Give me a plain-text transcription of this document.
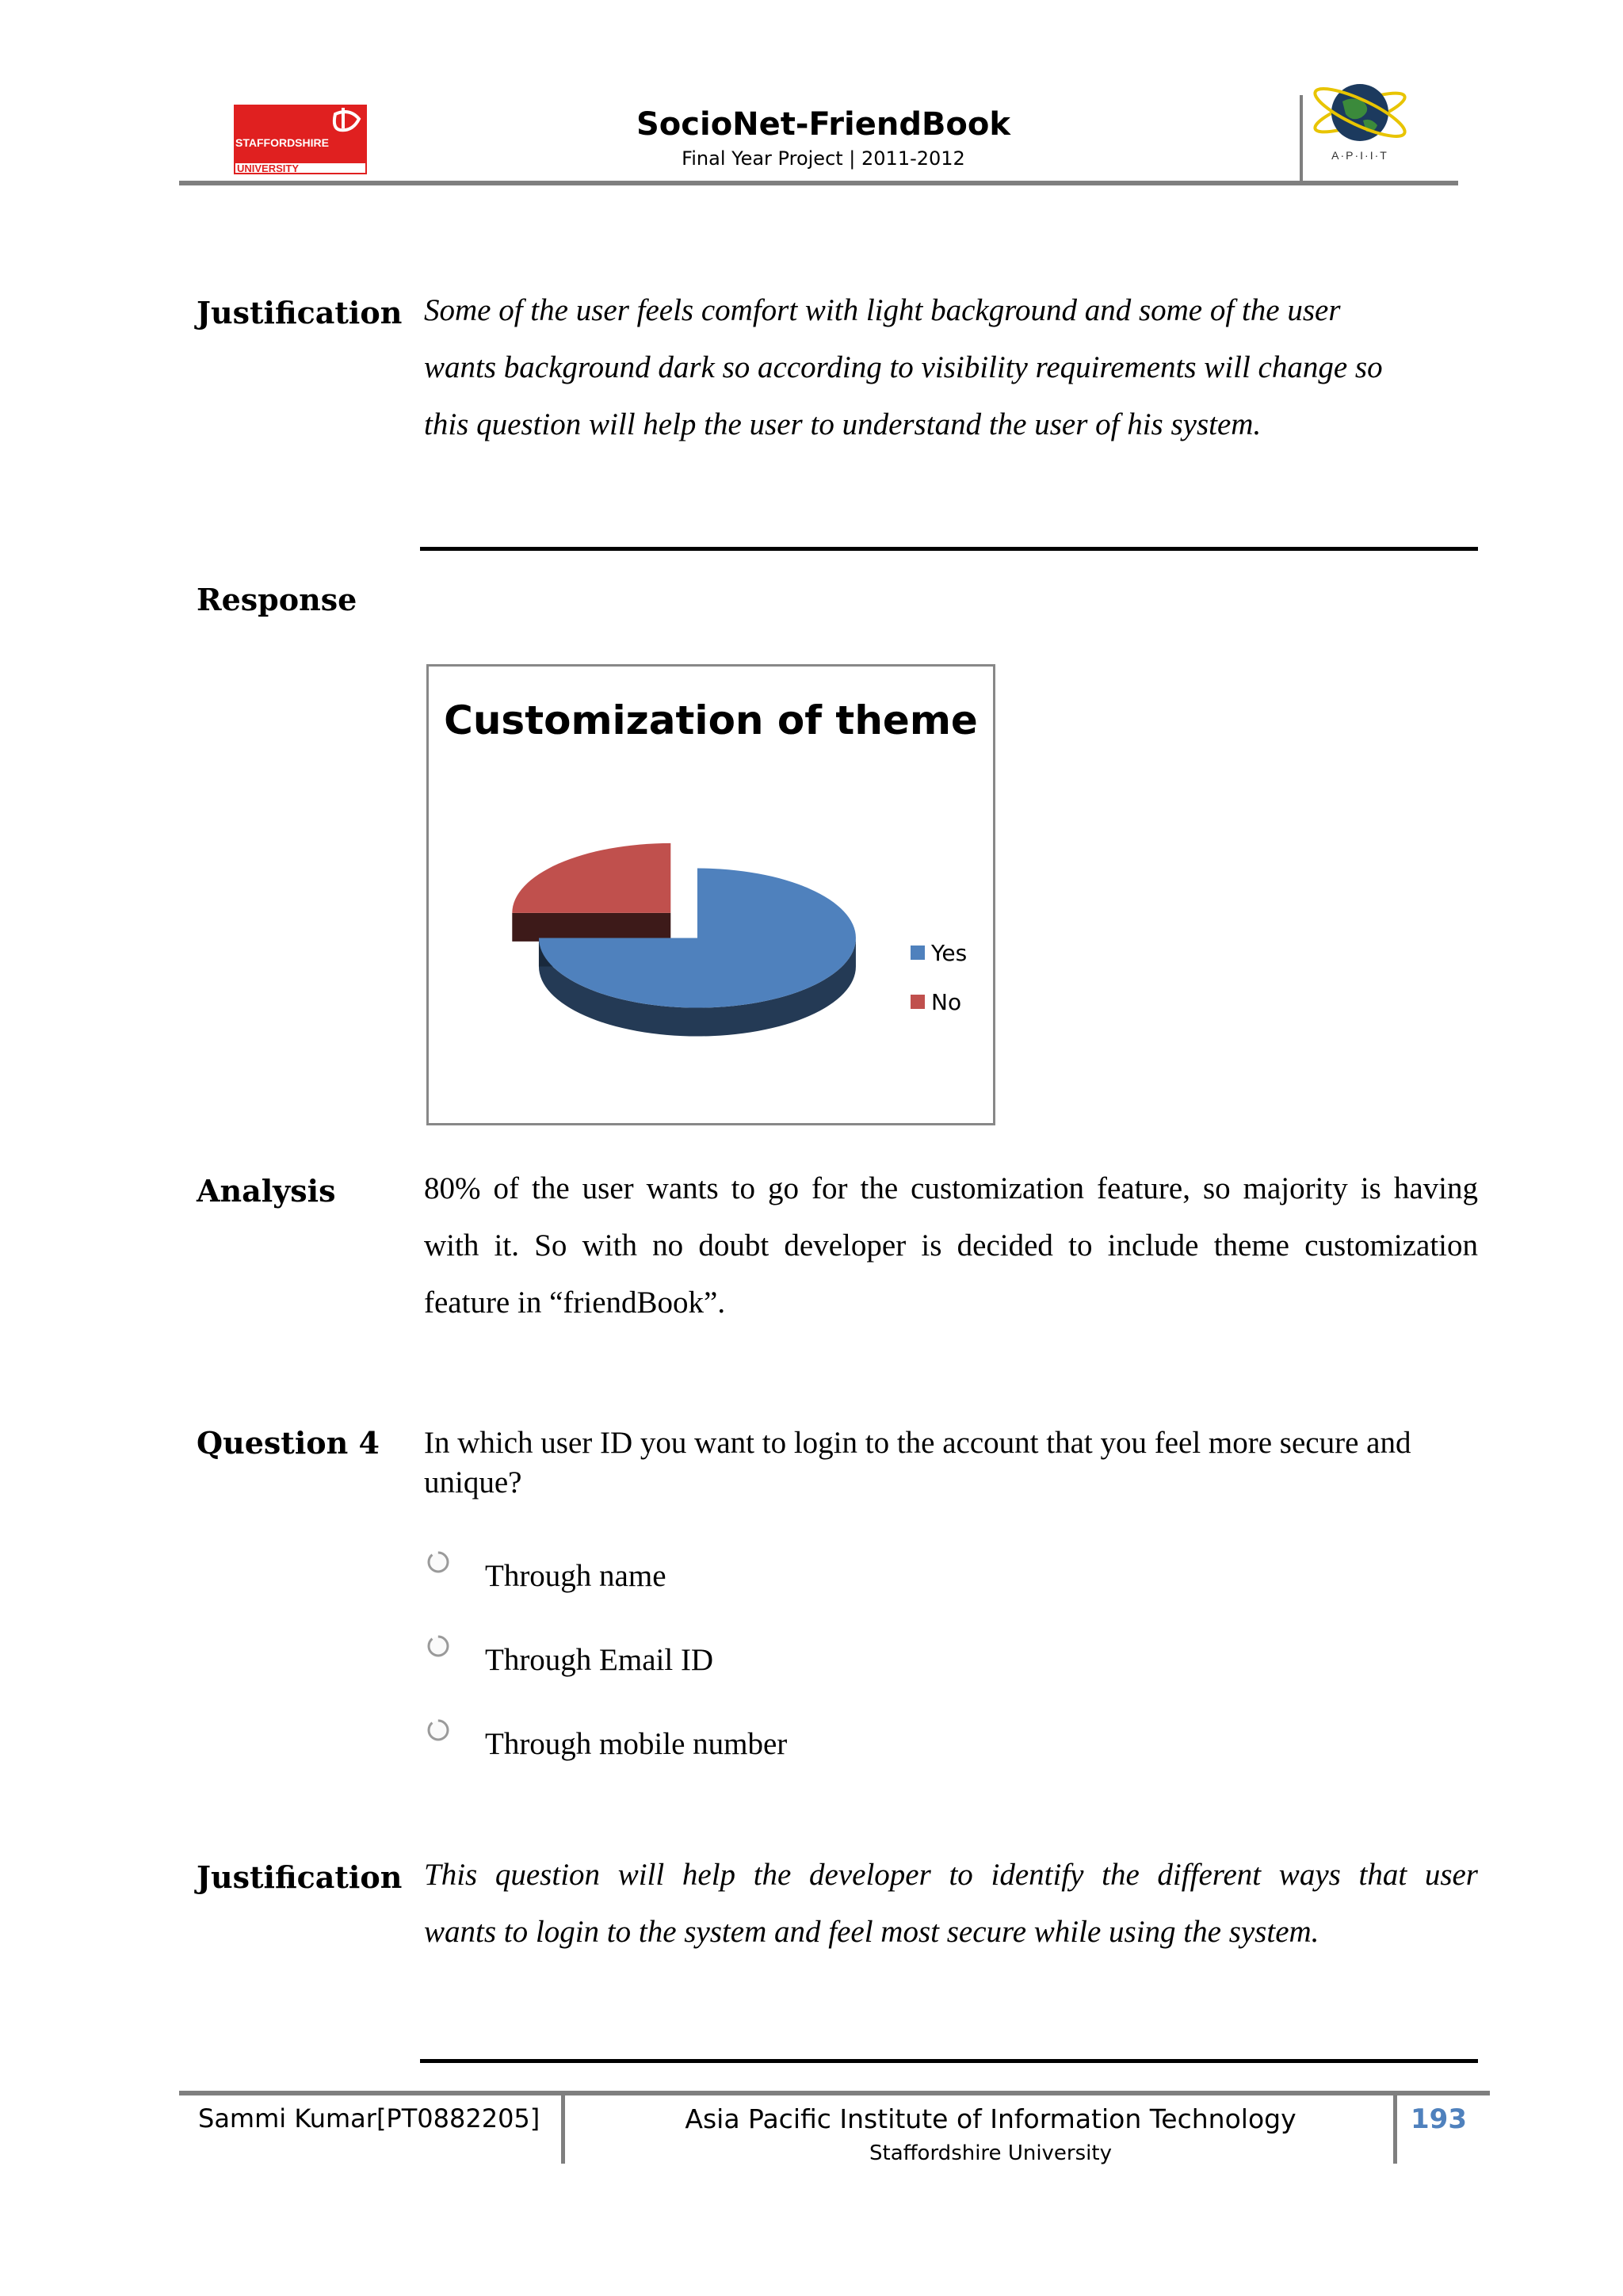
STAFFORDSHIRE
UNIVERSITY
SocioNet-FriendBook
Final Year Project | 2011-2012	A·P·I·I·T
Justification Some of the user feels comfort with light background and some of the user
wants background dark so according to visibility requirements will change so
this question will help the user to understand the user of his system.
Response
Customization of theme
Yes
No
Analysis	80% of the user wants to go for the customization feature, so majority is having
with it. So with no doubt developer is decided to include theme customization
feature in “friendBook”.
Question 4 In which user ID you want to login to the account that you feel more secure and
unique?
Through name
Through Email ID
Through mobile number
Justification This question will help the developer to identify the different ways that user
wants to login to the system and feel most secure while using the system.
Sammi Kumar[PT0882205]	Asia Pacific Institute of Information Technology
Staffordshire University
193
